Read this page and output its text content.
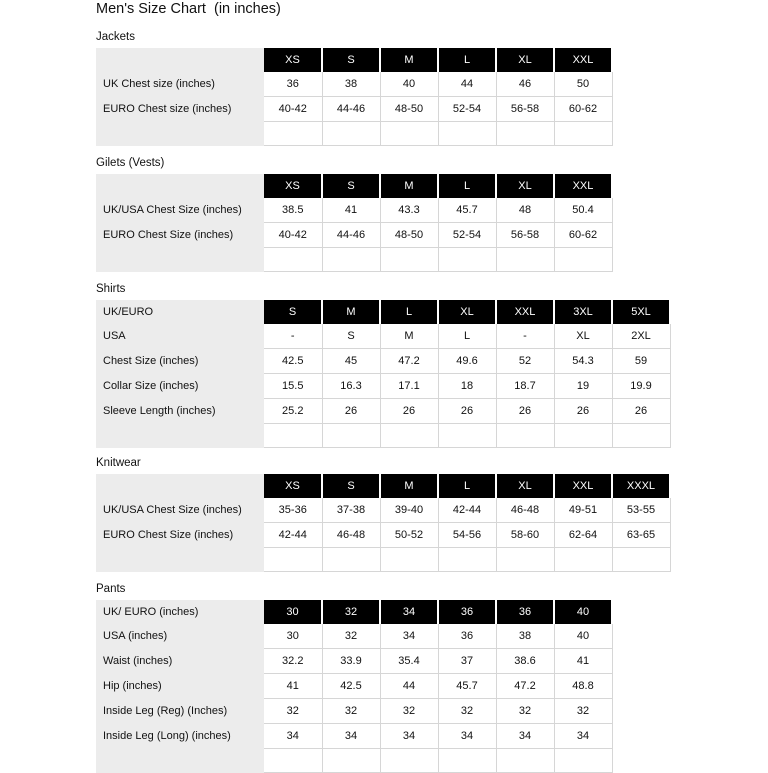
Men's Size Chart  (in inches)
Jackets
	XS	S	M	L	XL	XXL
UK Chest size (inches)	36	38	40	44	46	50
EURO Chest size (inches)	40-42	44-46	48-50	52-54	56-58	60-62

Gilets (Vests)
	XS	S	M	L	XL	XXL
UK/USA Chest Size (inches)	38.5	41	43.3	45.7	48	50.4
EURO Chest Size (inches)	40-42	44-46	48-50	52-54	56-58	60-62

Shirts
UK/EURO	S	M	L	XL	XXL	3XL	5XL
USA	-	S	M	L	-	XL	2XL
Chest Size (inches)	42.5	45	47.2	49.6	52	54.3	59
Collar Size (inches)	15.5	16.3	17.1	18	18.7	19	19.9
Sleeve Length (inches)	25.2	26	26	26	26	26	26

Knitwear
	XS	S	M	L	XL	XXL	XXXL
UK/USA Chest Size (inches)	35-36	37-38	39-40	42-44	46-48	49-51	53-55
EURO Chest Size (inches)	42-44	46-48	50-52	54-56	58-60	62-64	63-65

Pants
UK/ EURO (inches)	30	32	34	36	36	40
USA (inches)	30	32	34	36	38	40
Waist (inches)	32.2	33.9	35.4	37	38.6	41
Hip (inches)	41	42.5	44	45.7	47.2	48.8
Inside Leg (Reg) (Inches)	32	32	32	32	32	32
Inside Leg (Long) (inches)	34	34	34	34	34	34
